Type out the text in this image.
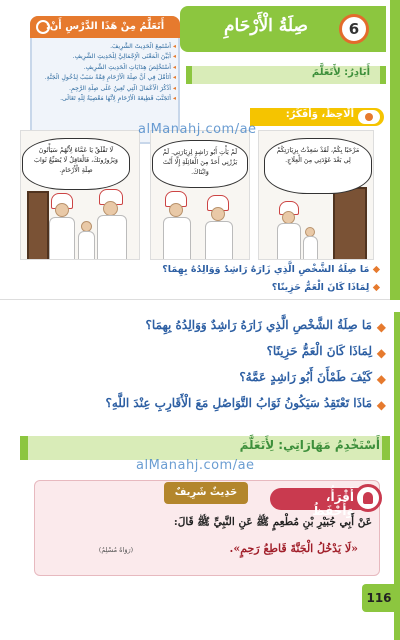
6
صِلَةُ الْأَرْحَامِ
أَتَعَلَّمُ مِنْ هَذَا الدَّرْسِ أَنْ:
◂ أَسْتَمِعَ الْحَدِيثَ الشَّرِيفَ.
◂ أُبَيِّنَ الْمَعْنَى الْإِجْمَالِيَّ لِلْحَدِيثِ الشَّرِيفِ.
◂ أَسْتَخْلِصَ هِدَايَاتِ الْحَدِيثِ الشَّرِيفِ.
◂ أَتَأَمَّلَ فِي أَنَّ صِلَةَ الْأَرْحَامِ قِمَّةٌ سَبَبٌ لِدُخُولِ الْجَنَّةِ.
◂ أَذْكُرَ الْأَعْمَالَ الَّتِي تُعِينُ عَلَى صِلَةِ الرَّحِمِ.
◂ أَتَجَنَّبَ قَطِيعَةَ الْأَرْحَامِ لِأَنَّهَا مَعْصِيَةٌ لِلَّهِ تَعَالَى.
أَبَادِرُ: لِأَتَعَلَّمَ
أُلَاحِظُ، وَأُفَكِّرُ:
لَا تَقْلَقْ يَا عَمَّاهُ لِأَنَّهُمْ سَيَأْتُونَ وَيَزُورُونَكَ، فَالْعَاقِلُ لَا يُضَيِّعُ ثَوَابَ صِلَةِ الْأَرْحَامِ.
لَمْ يَأْتِ أَبُو رَاشِدٍ لِزِيَارَتِي. لَمْ يَزُرْنِي أَحَدٌ مِنَ الْعَائِلَةِ إِلَّا أَنْتَ وَابْنَاكَ.
مَرْحَبًا بِكُمْ، لَقَدْ سَعِدْتُ بِزِيَارَتِكُمْ لِي بَعْدَ عَوْدَتِي مِنَ الْعِلَاجِ.
alManahj.com/ae
◆ مَا صِلَةُ الشَّخْصِ الَّذِي زَارَهُ رَاشِدٌ وَوَالِدُهُ بِهِمَا؟
◆ لِمَاذَا كَانَ الْعَمُّ حَزِينًا؟
◆
مَا صِلَةُ الشَّخْصِ الَّذِي زَارَهُ رَاشِدٌ وَوَالِدُهُ بِهِمَا؟
◆
لِمَاذَا كَانَ الْعَمُّ حَزِينًا؟
◆
كَيْفَ طَمْأَنَ أَبُو رَاشِدٍ عَمَّهُ؟
◆
مَاذَا تَعْتَقِدُ سَيَكُونُ ثَوَابُ التَّوَاصُلِ مَعَ الْأَقَارِبِ عِنْدَ اللَّهِ؟
أَسْتَخْدِمُ مَهَارَاتِي: لِأَتَعَلَّمَ
alManahj.com/ae
أَقْرَأُ، وَأَحْفَظُ
حَدِيثٌ شَرِيفٌ
عَنْ أَبِي جُبَيْرِ بْنِ مُطْعِمٍ ﷺ عَنِ النَّبِيِّ ﷺ قَالَ:
«لَا يَدْخُلُ الْجَنَّةَ قَاطِعُ رَحِمٍ».
(رَوَاهُ مُسْلِمٌ)
116
